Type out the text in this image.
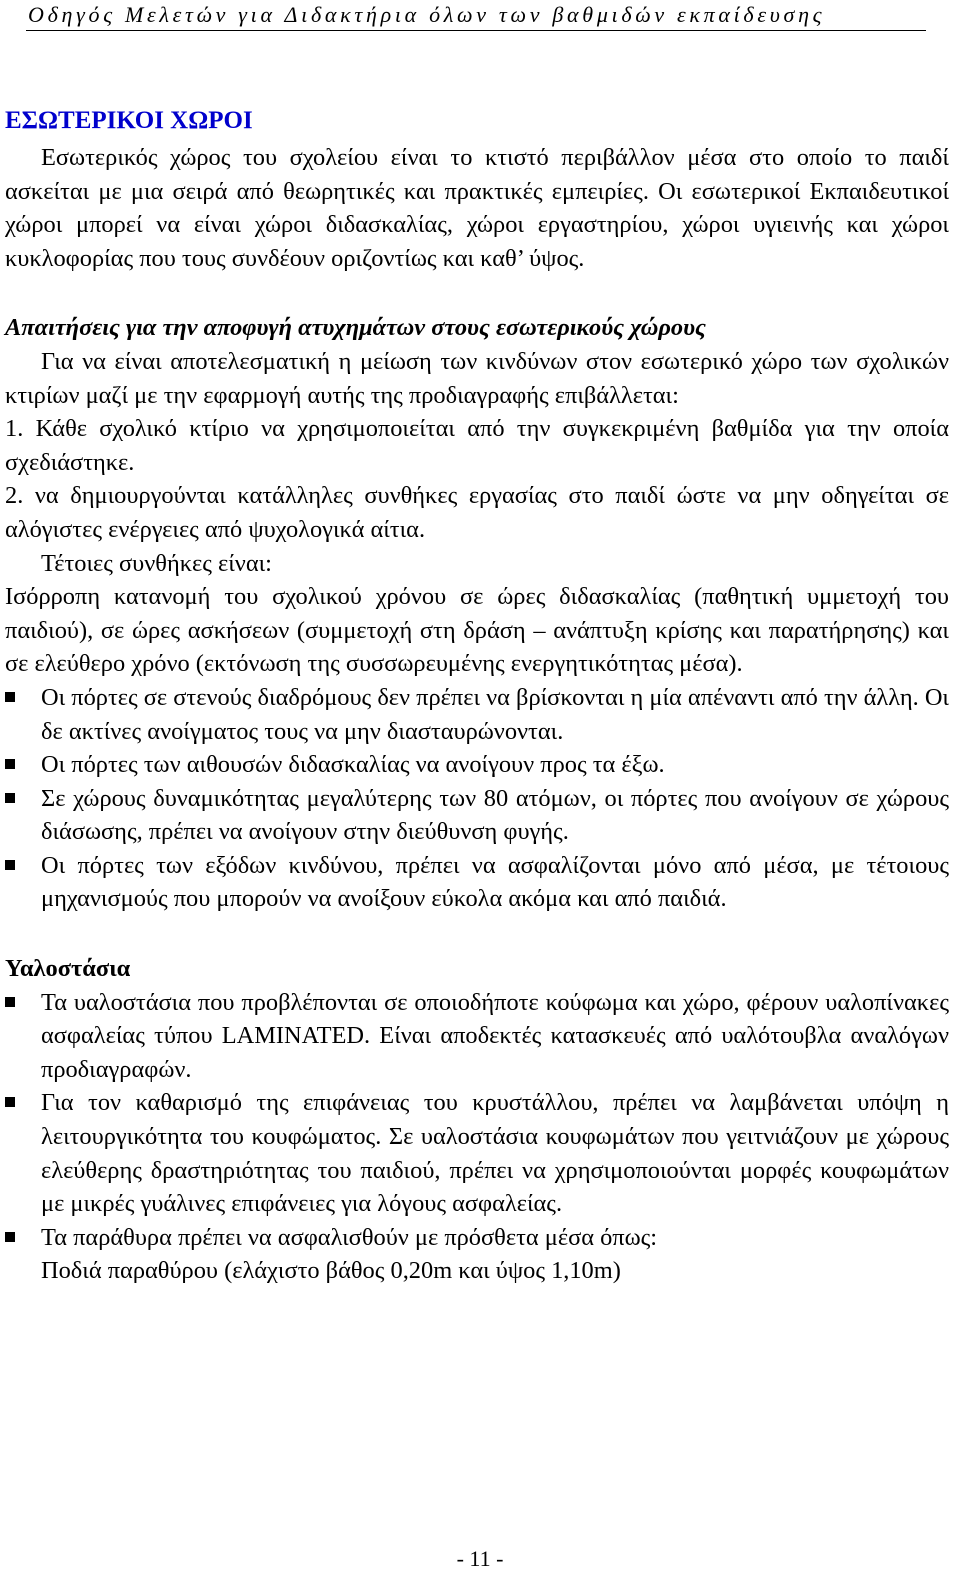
Οδηγός Μελετών για Διδακτήρια όλων των βαθμιδών εκπαίδευσης

ΕΣΩΤΕΡΙΚΟΙ ΧΩΡΟΙ

Εσωτερικός χώρος του σχολείου είναι το κτιστό περιβάλλον μέσα στο οποίο το παιδί ασκείται με μια σειρά από θεωρητικές και πρακτικές εμπειρίες. Οι εσωτερικοί Εκπαιδευτικοί χώροι μπορεί να είναι χώροι διδασκαλίας, χώροι εργαστηρίου, χώροι υγιεινής και χώροι κυκλοφορίας που τους συνδέουν οριζοντίως και καθ’ ύψος.

Απαιτήσεις για την αποφυγή ατυχημάτων στους εσωτερικούς χώρους

Για να είναι αποτελεσματική η μείωση των κινδύνων στον εσωτερικό χώρο των σχολικών κτιρίων μαζί με την εφαρμογή αυτής της προδιαγραφής επιβάλλεται:

1. Κάθε σχολικό κτίριο να χρησιμοποιείται από την συγκεκριμένη βαθμίδα για την οποία σχεδιάστηκε.

2. να δημιουργούνται κατάλληλες συνθήκες εργασίας στο παιδί ώστε να μην οδηγείται σε αλόγιστες ενέργειες από ψυχολογικά αίτια.

Τέτοιες συνθήκες είναι:

Ισόρροπη κατανομή του σχολικού χρόνου σε ώρες διδασκαλίας (παθητική υμμετοχή του παιδιού), σε ώρες ασκήσεων (συμμετοχή στη δράση – ανάπτυξη κρίσης και παρατήρησης) και σε ελεύθερο χρόνο (εκτόνωση της συσσωρευμένης ενεργητικότητας μέσα).

Οι πόρτες σε στενούς διαδρόμους δεν πρέπει να βρίσκονται η μία απέναντι από την άλλη. Οι δε ακτίνες ανοίγματος τους να μην διασταυρώνονται.

Οι πόρτες των αιθουσών διδασκαλίας να ανοίγουν προς τα έξω.

Σε χώρους δυναμικότητας μεγαλύτερης των 80 ατόμων, οι πόρτες που ανοίγουν σε χώρους διάσωσης, πρέπει να ανοίγουν στην διεύθυνση φυγής.

Οι πόρτες των εξόδων κινδύνου, πρέπει να ασφαλίζονται μόνο από μέσα, με τέτοιους μηχανισμούς που μπορούν να ανοίξουν εύκολα ακόμα και από παιδιά.

Υαλοστάσια

Τα υαλοστάσια που προβλέπονται σε οποιοδήποτε κούφωμα και χώρο, φέρουν υαλοπίνακες ασφαλείας τύπου LAMINATED. Είναι αποδεκτές κατασκευές από υαλότουβλα αναλόγων προδιαγραφών.

Για τον καθαρισμό της επιφάνειας του κρυστάλλου, πρέπει να λαμβάνεται υπόψη η λειτουργικότητα του κουφώματος. Σε υαλοστάσια κουφωμάτων που γειτνιάζουν με χώρους ελεύθερης δραστηριότητας του παιδιού, πρέπει να χρησιμοποιούνται μορφές κουφωμάτων με μικρές γυάλινες επιφάνειες για λόγους ασφαλείας.

Τα παράθυρα πρέπει να ασφαλισθούν με πρόσθετα μέσα όπως:

Ποδιά παραθύρου (ελάχιστο βάθος 0,20m και ύψος 1,10m)

- 11 -
